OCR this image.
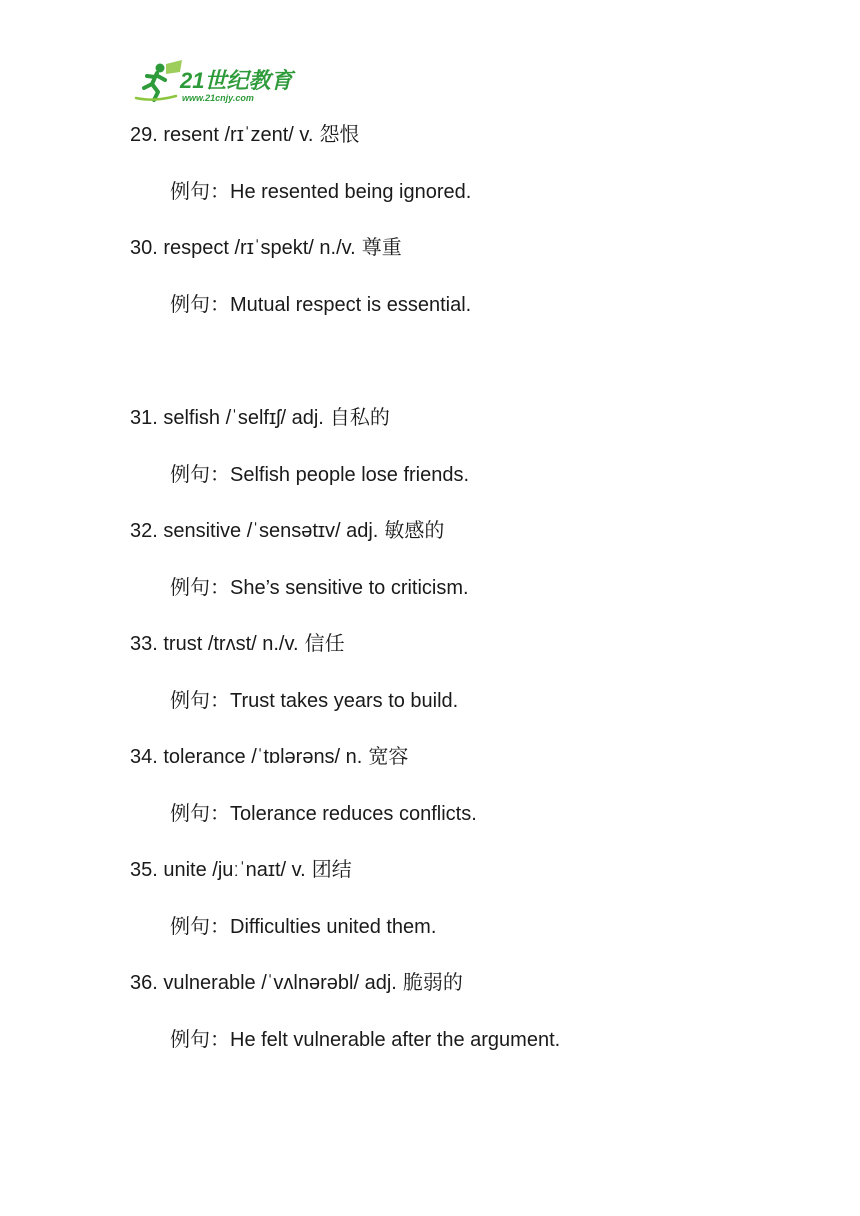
21世纪教育
www.21cnjy.com
29. resent /rɪˈzent/ v. 怨恨
例句：He resented being ignored.
30. respect /rɪˈspekt/ n./v. 尊重
例句：Mutual respect is essential.
31. selfish /ˈselfɪʃ/ adj. 自私的
例句：Selfish people lose friends.
32. sensitive /ˈsensətɪv/ adj. 敏感的
例句：She’s sensitive to criticism.
33. trust /trʌst/ n./v. 信任
例句：Trust takes years to build.
34. tolerance /ˈtɒlərəns/ n. 宽容
例句：Tolerance reduces conflicts.
35. unite /juːˈnaɪt/ v. 团结
例句：Difficulties united them.
36. vulnerable /ˈvʌlnərəbl/ adj. 脆弱的
例句：He felt vulnerable after the argument.
